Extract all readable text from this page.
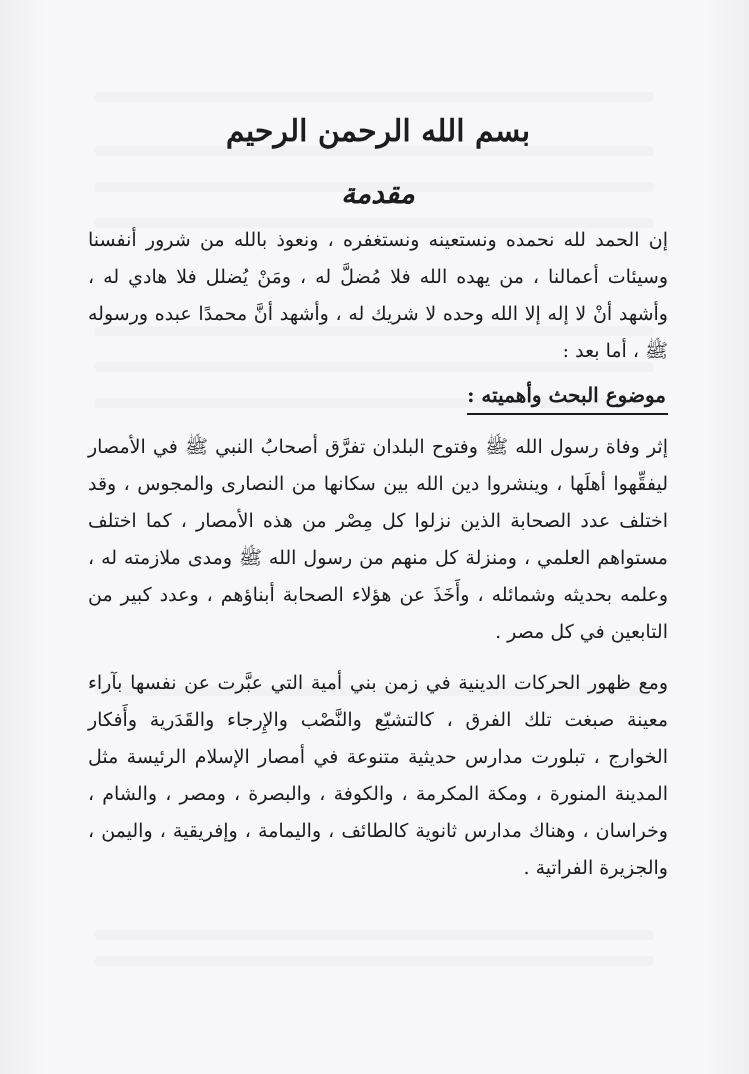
بسم الله الرحمن الرحيم
مقدمة

إن الحمد لله نحمده ونستعينه ونستغفره ، ونعوذ بالله من شرور أنفسنا وسيئات أعمالنا ، من يهده الله فلا مُضلَّ له ، ومَنْ يُضلل فلا هادي له ، وأشهد أنْ لا إله إلا الله وحده لا شريك له ، وأشهد أنَّ محمدًا عبده ورسوله ﷺ ، أما بعد :

موضوع البحث وأهميته :

إثر وفاة رسول الله ﷺ وفتوح البلدان تفرَّق أصحابُ النبي ﷺ في الأمصار ليفقِّهوا أهلَها ، وينشروا دين الله بين سكانها من النصارى والمجوس ، وقد اختلف عدد الصحابة الذين نزلوا كل مِصْر من هذه الأمصار ، كما اختلف مستواهم العلمي ، ومنزلة كل منهم من رسول الله ﷺ ومدى ملازمته له ، وعلمه بحديثه وشمائله ، وأَخَذَ عن هؤلاء الصحابة أبناؤهم ، وعدد كبير من التابعين في كل مصر .

ومع ظهور الحركات الدينية في زمن بني أمية التي عبَّرت عن نفسها بآراء معينة صبغت تلك الفرق ، كالتشيّع والنَّصْب والإِرجاء والقَدَرية وأَفكار الخوارج ، تبلورت مدارس حديثية متنوعة في أمصار الإسلام الرئيسة مثل المدينة المنورة ، ومكة المكرمة ، والكوفة ، والبصرة ، ومصر ، والشام ، وخراسان ، وهناك مدارس ثانوية كالطائف ، واليمامة ، وإفريقية ، واليمن ، والجزيرة الفراتية .
